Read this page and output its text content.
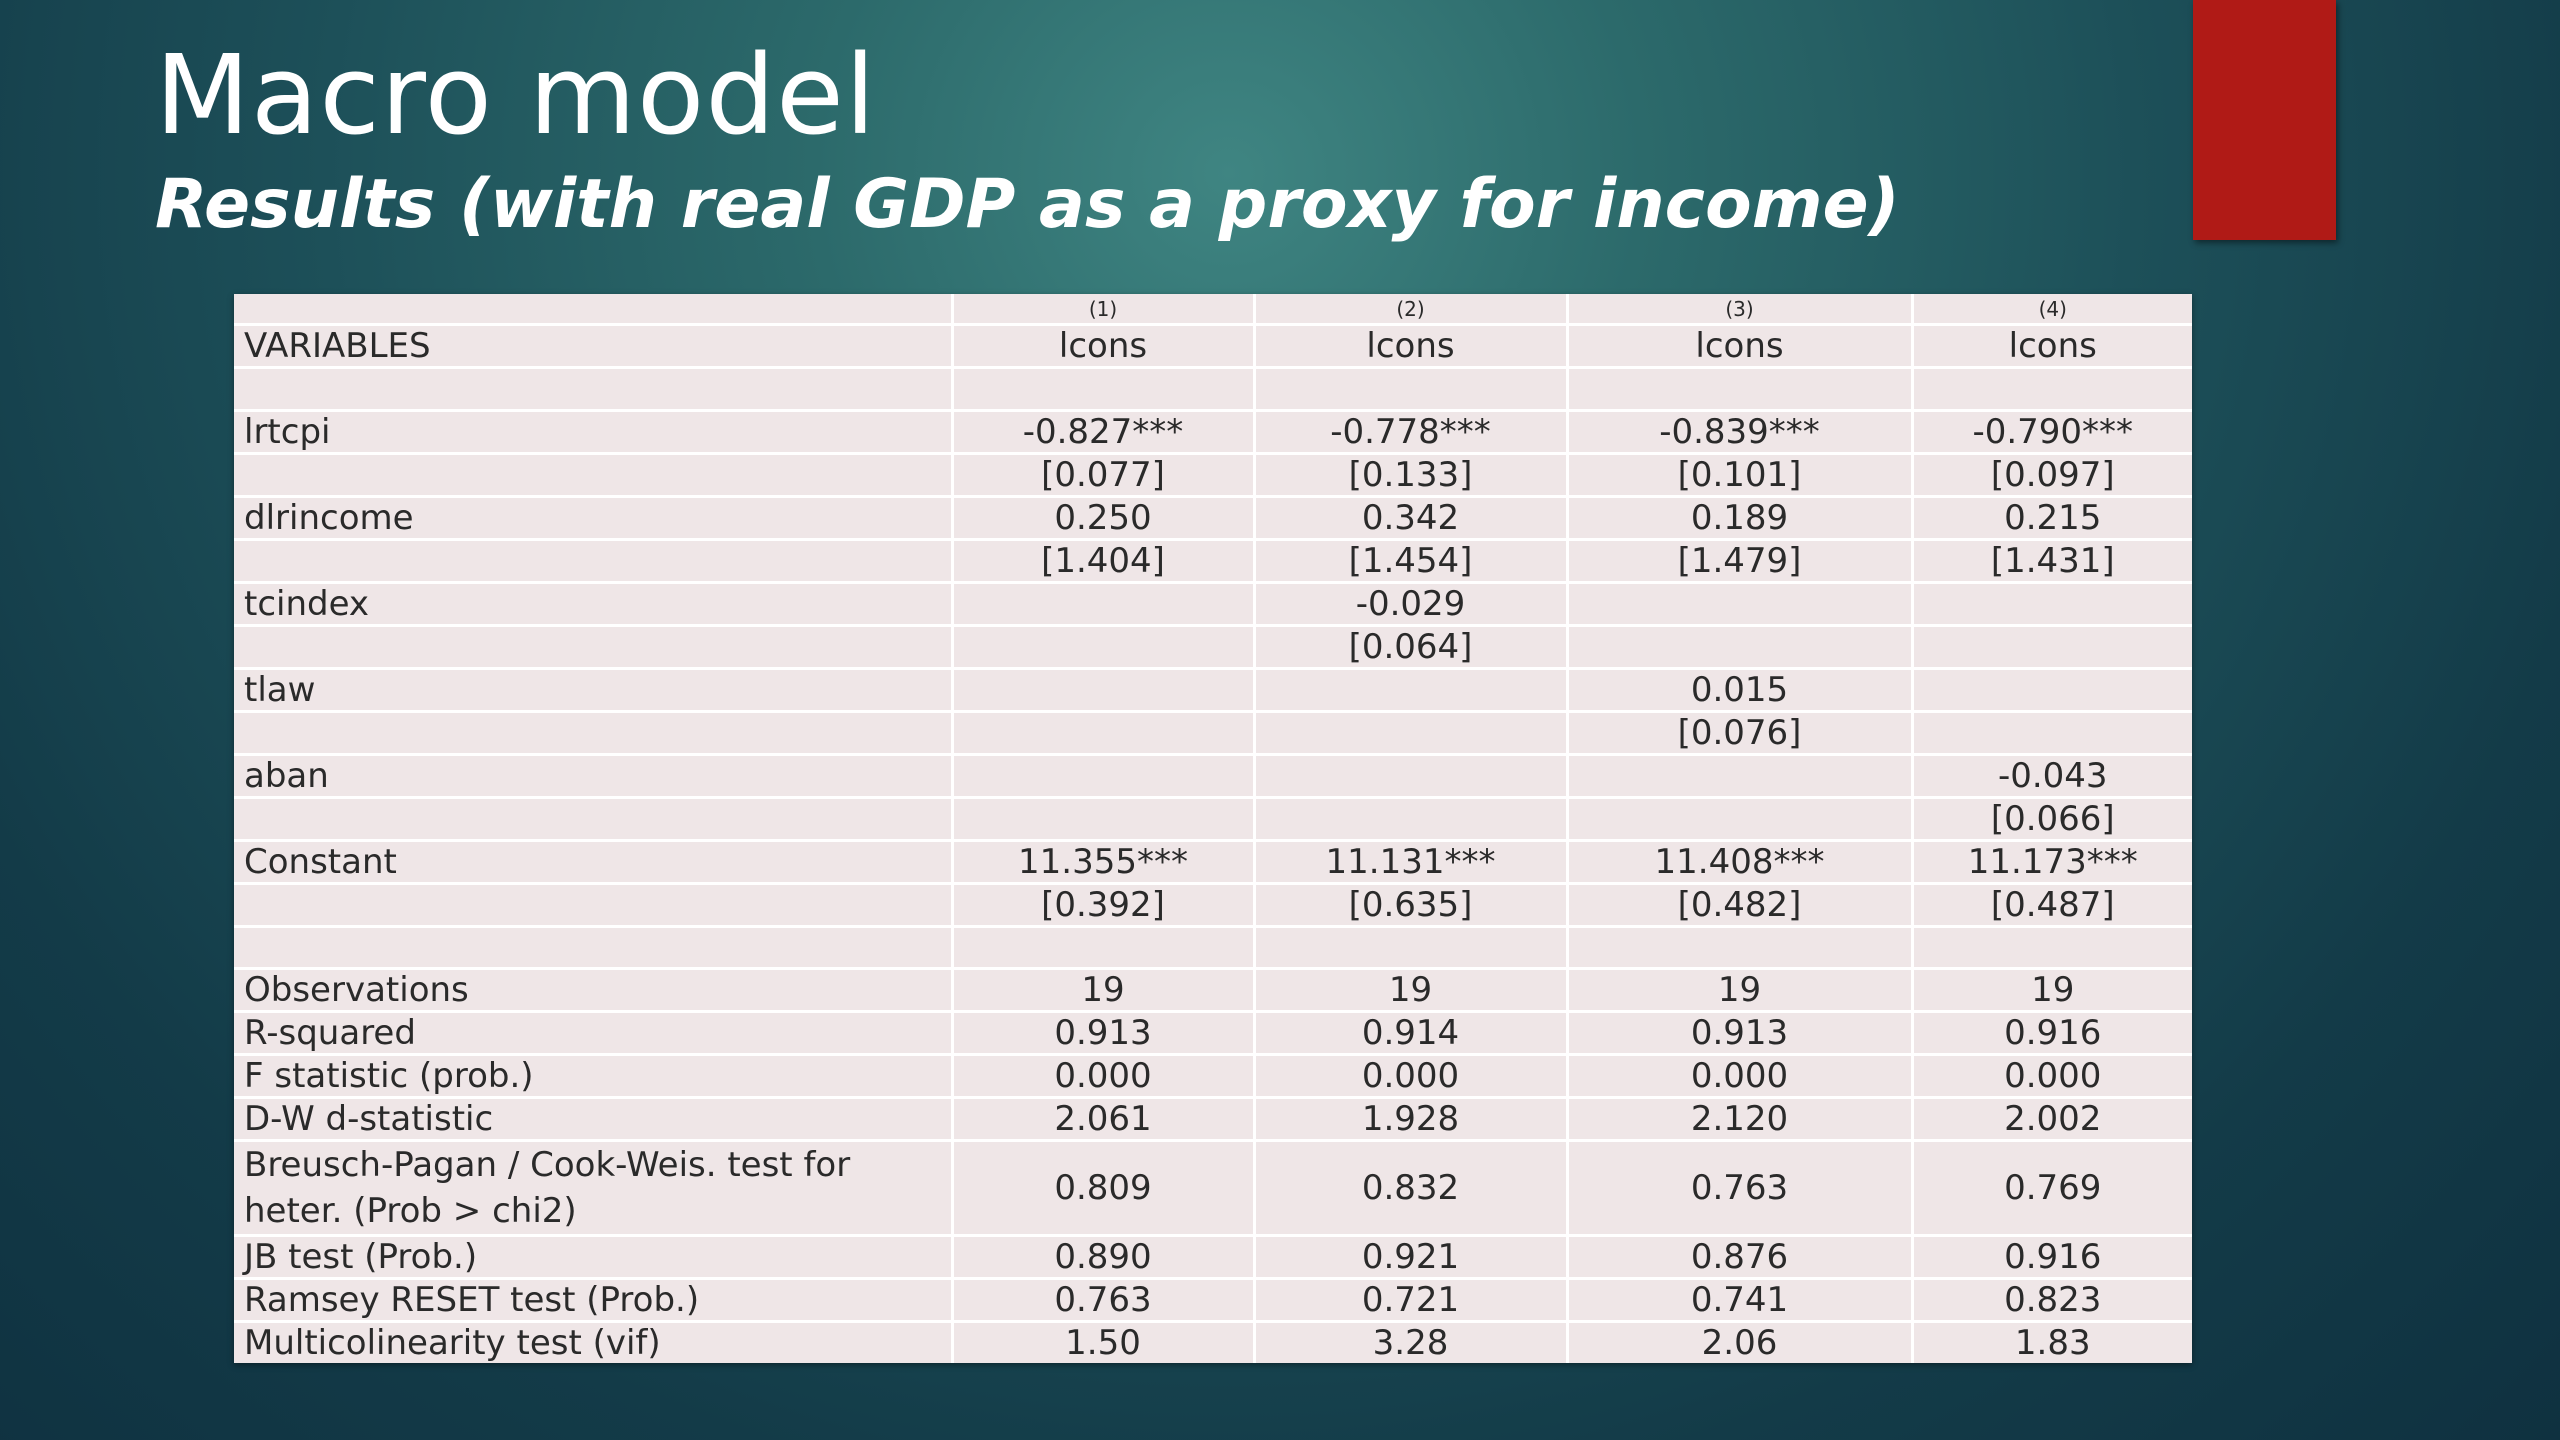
Macro model
Results (with real GDP as a proxy for income)
	(1)	(2)	(3)	(4)
VARIABLES	lcons	lcons	lcons	lcons

lrtcpi	-0.827***	-0.778***	-0.839***	-0.790***
	[0.077]	[0.133]	[0.101]	[0.097]
dlrincome	0.250	0.342	0.189	0.215
	[1.404]	[1.454]	[1.479]	[1.431]
tcindex		-0.029		
		[0.064]		
tlaw			0.015	
			[0.076]	
aban				-0.043
				[0.066]
Constant	11.355***	11.131***	11.408***	11.173***
	[0.392]	[0.635]	[0.482]	[0.487]

Observations	19	19	19	19
R-squared	0.913	0.914	0.913	0.916
F statistic (prob.)	0.000	0.000	0.000	0.000
D-W d-statistic	2.061	1.928	2.120	2.002
Breusch-Pagan / Cook-Weis. test for heter. (Prob > chi2)	0.809	0.832	0.763	0.769
JB test (Prob.)	0.890	0.921	0.876	0.916
Ramsey RESET test (Prob.)	0.763	0.721	0.741	0.823
Multicolinearity test (vif)	1.50	3.28	2.06	1.83
